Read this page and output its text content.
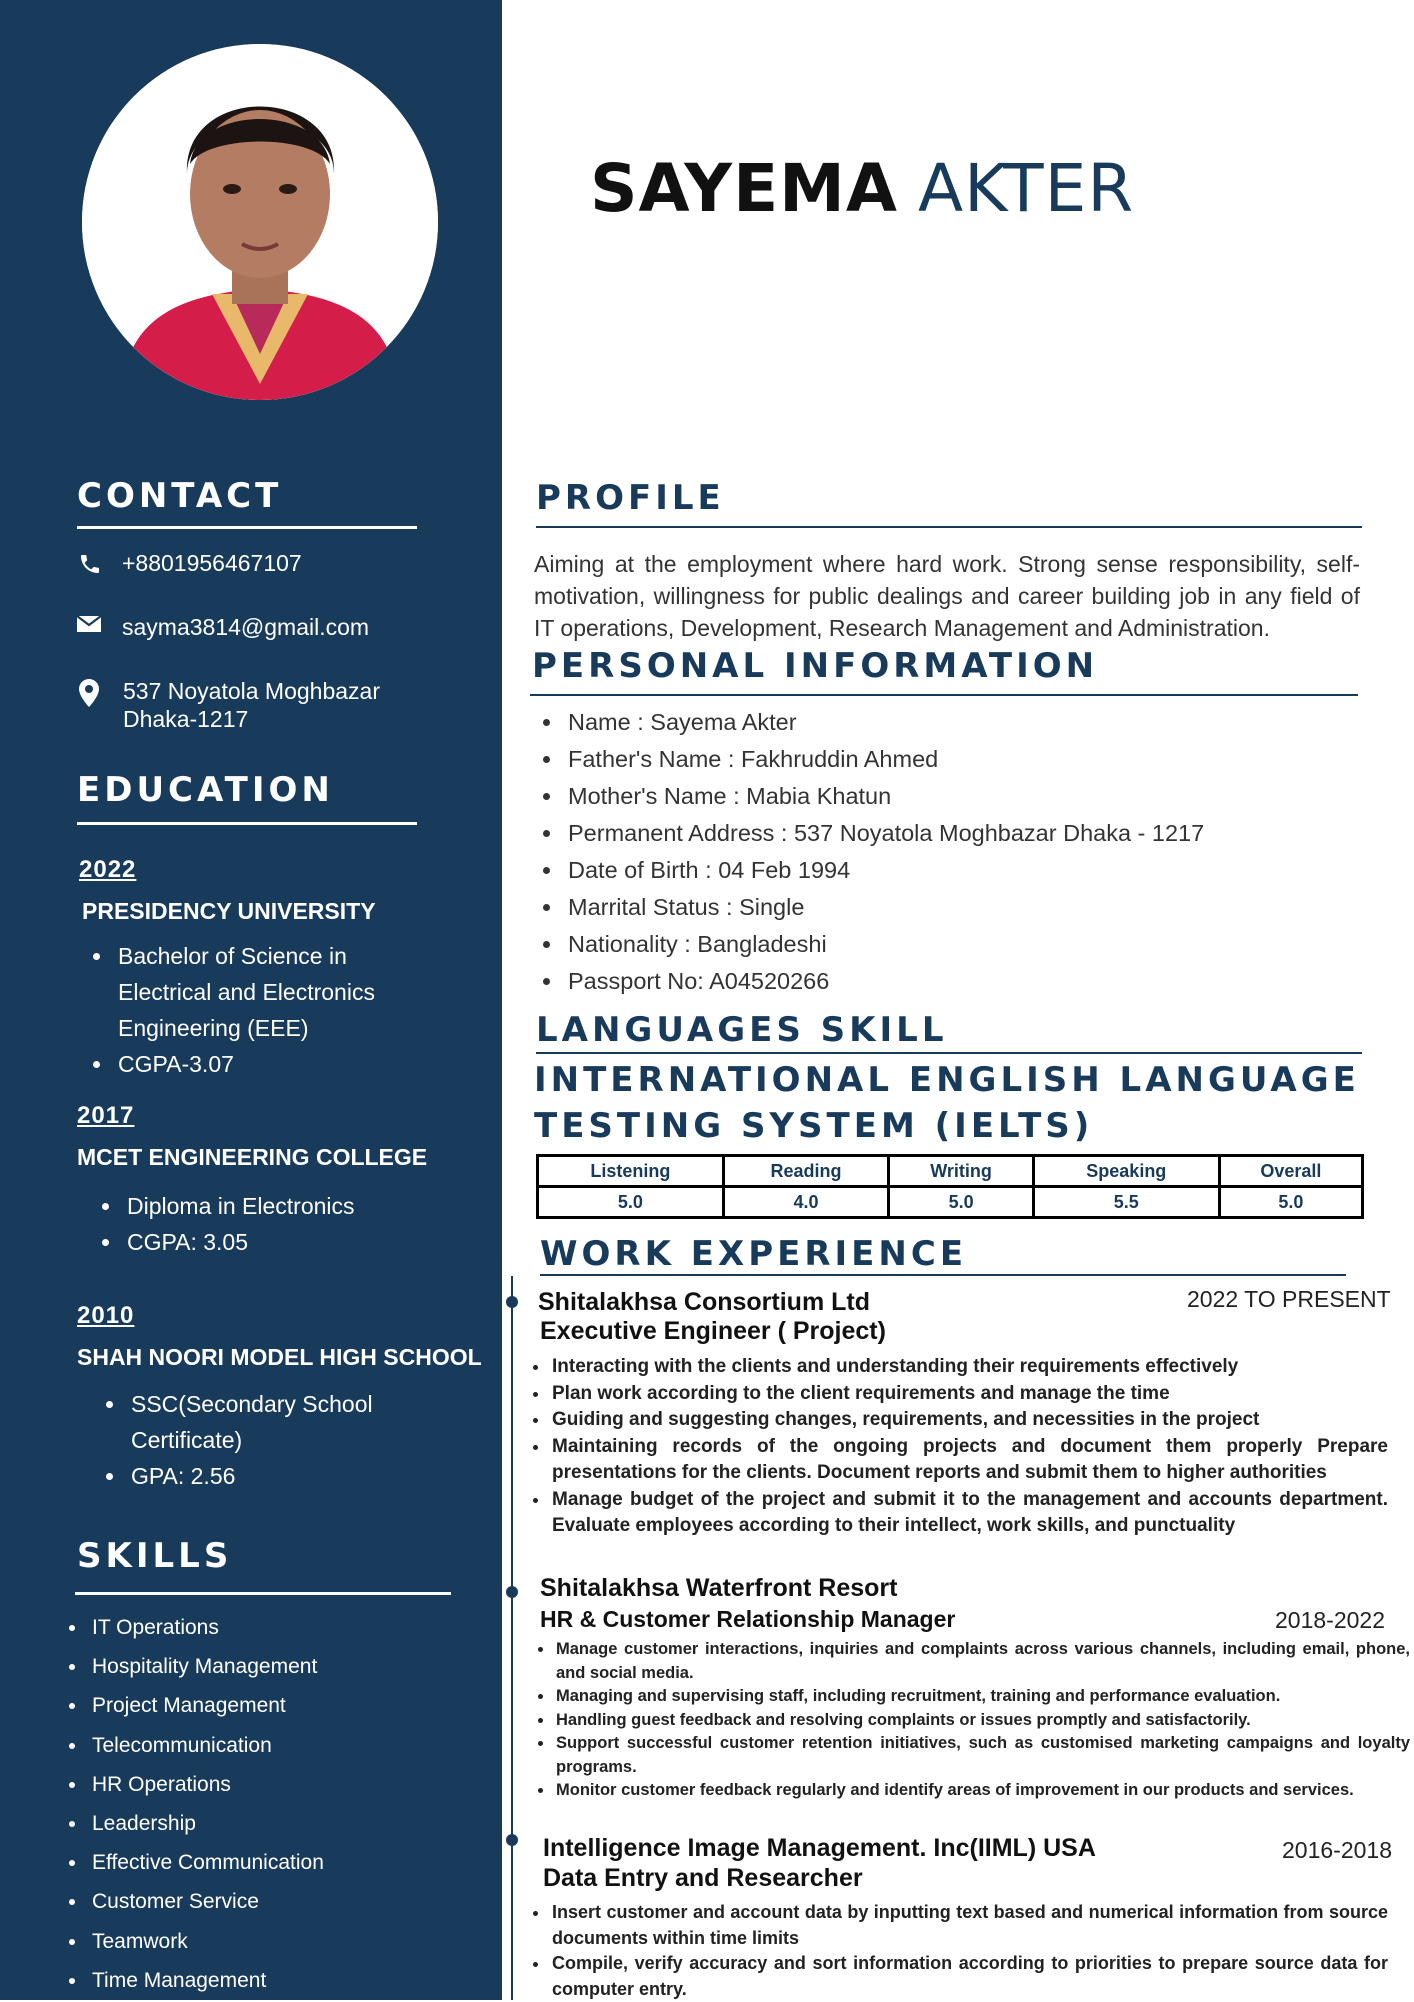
CONTACT
+8801956467107
sayma3814@gmail.com
537 Noyatola Moghbazar
Dhaka-1217
EDUCATION
2022
PRESIDENCY UNIVERSITY
• Bachelor of Science in Electrical and Electronics Engineering (EEE)
• CGPA-3.07
2017
MCET ENGINEERING COLLEGE
• Diploma in Electronics
• CGPA: 3.05
2010
SHAH NOORI MODEL HIGH SCHOOL
• SSC(Secondary School Certificate)
• GPA: 2.56
SKILLS
• IT Operations
• Hospitality Management
• Project Management
• Telecommunication
• HR Operations
• Leadership
• Effective Communication
• Customer Service
• Teamwork
• Time Management
SAYEMA AKTER
PROFILE
Aiming at the employment where hard work. Strong sense responsibility, self-motivation, willingness for public dealings and career building job in any field of IT operations, Development, Research Management and Administration.
PERSONAL INFORMATION
• Name : Sayema Akter
• Father's Name : Fakhruddin Ahmed
• Mother's Name : Mabia Khatun
• Permanent Address : 537 Noyatola Moghbazar Dhaka - 1217
• Date of Birth : 04 Feb 1994
• Marrital Status : Single
• Nationality : Bangladeshi
• Passport No: A04520266
LANGUAGES SKILL
INTERNATIONAL ENGLISH LANGUAGE
TESTING SYSTEM (IELTS)
Listening	Reading	Writing	Speaking	Overall
5.0	4.0	5.0	5.5	5.0
WORK EXPERIENCE
Shitalakhsa Consortium Ltd
Executive Engineer ( Project)
2022 TO PRESENT
• Interacting with the clients and understanding their requirements effectively
• Plan work according to the client requirements and manage the time
• Guiding and suggesting changes, requirements, and necessities in the project
• Maintaining records of the ongoing projects and document them properly Prepare presentations for the clients. Document reports and submit them to higher authorities
• Manage budget of the project and submit it to the management and accounts department. Evaluate employees according to their intellect, work skills, and punctuality
Shitalakhsa Waterfront Resort
HR & Customer Relationship Manager	2018-2022
• Manage customer interactions, inquiries and complaints across various channels, including email, phone, and social media.
• Managing and supervising staff, including recruitment, training and performance evaluation.
• Handling guest feedback and resolving complaints or issues promptly and satisfactorily.
• Support successful customer retention initiatives, such as customised marketing campaigns and loyalty programs.
• Monitor customer feedback regularly and identify areas of improvement in our products and services.
Intelligence Image Management. Inc(IIML) USA
Data Entry and Researcher
2016-2018
• Insert customer and account data by inputting text based and numerical information from source documents within time limits
• Compile, verify accuracy and sort information according to priorities to prepare source data for computer entry.
